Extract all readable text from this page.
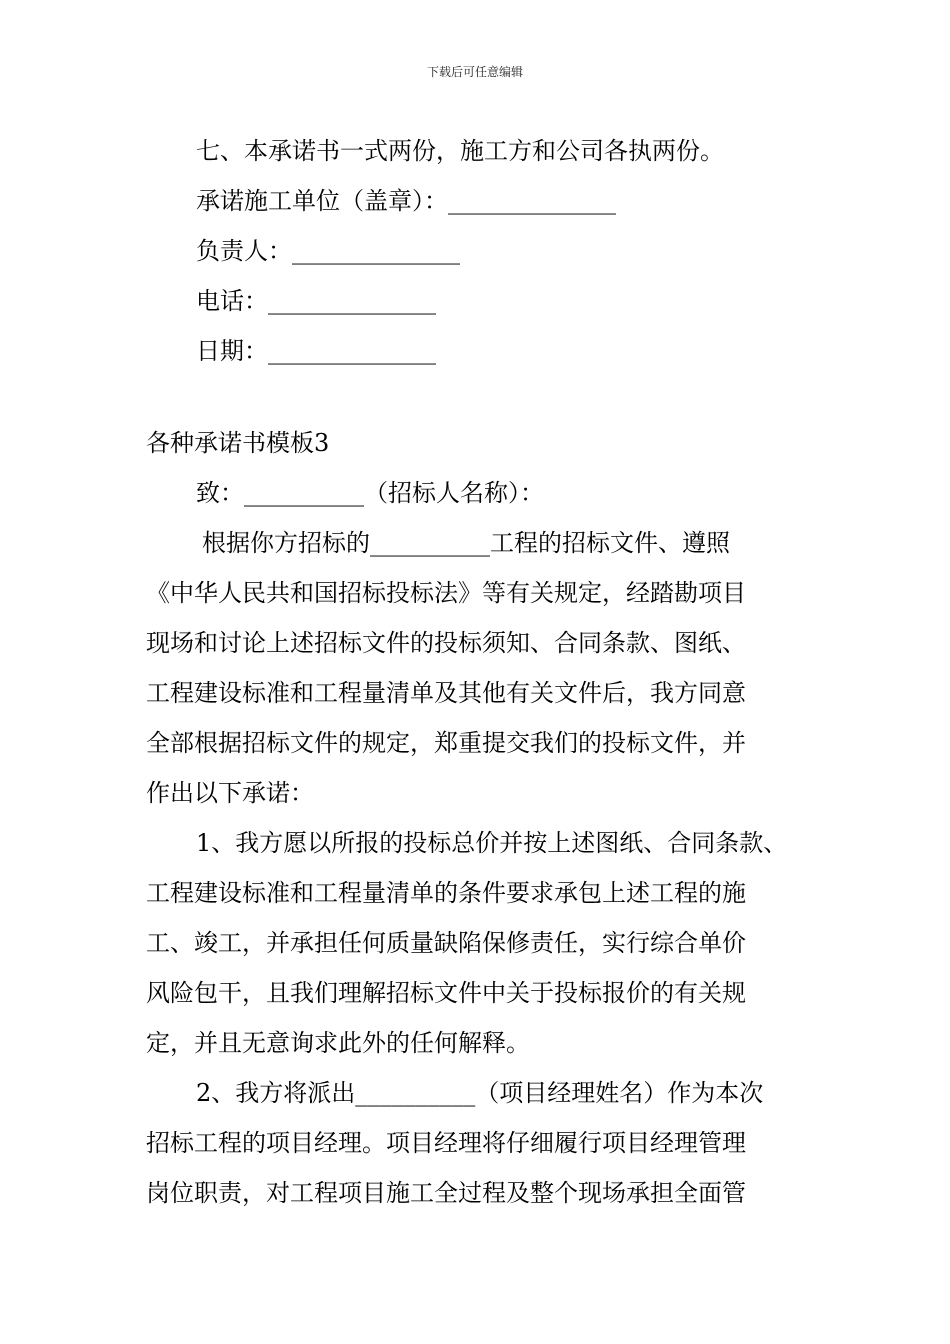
下载后可任意编辑

七、本承诺书一式两份，施工方和公司各执两份。

承诺施工单位（盖章）：______________

负责人：______________

电话：______________

日期：______________

各种承诺书模板3

致：__________（招标人名称）：

根据你方招标的__________工程的招标文件、遵照

《中华人民共和国招标投标法》等有关规定，经踏勘项目

现场和讨论上述招标文件的投标须知、合同条款、图纸、

工程建设标准和工程量清单及其他有关文件后，我方同意

全部根据招标文件的规定，郑重提交我们的投标文件，并

作出以下承诺：

1、我方愿以所报的投标总价并按上述图纸、合同条款、

工程建设标准和工程量清单的条件要求承包上述工程的施

工、竣工，并承担任何质量缺陷保修责任，实行综合单价

风险包干，且我们理解招标文件中关于投标报价的有关规

定，并且无意询求此外的任何解释。

2、我方将派出__________（项目经理姓名）作为本次

招标工程的项目经理。项目经理将仔细履行项目经理管理

岗位职责，对工程项目施工全过程及整个现场承担全面管
